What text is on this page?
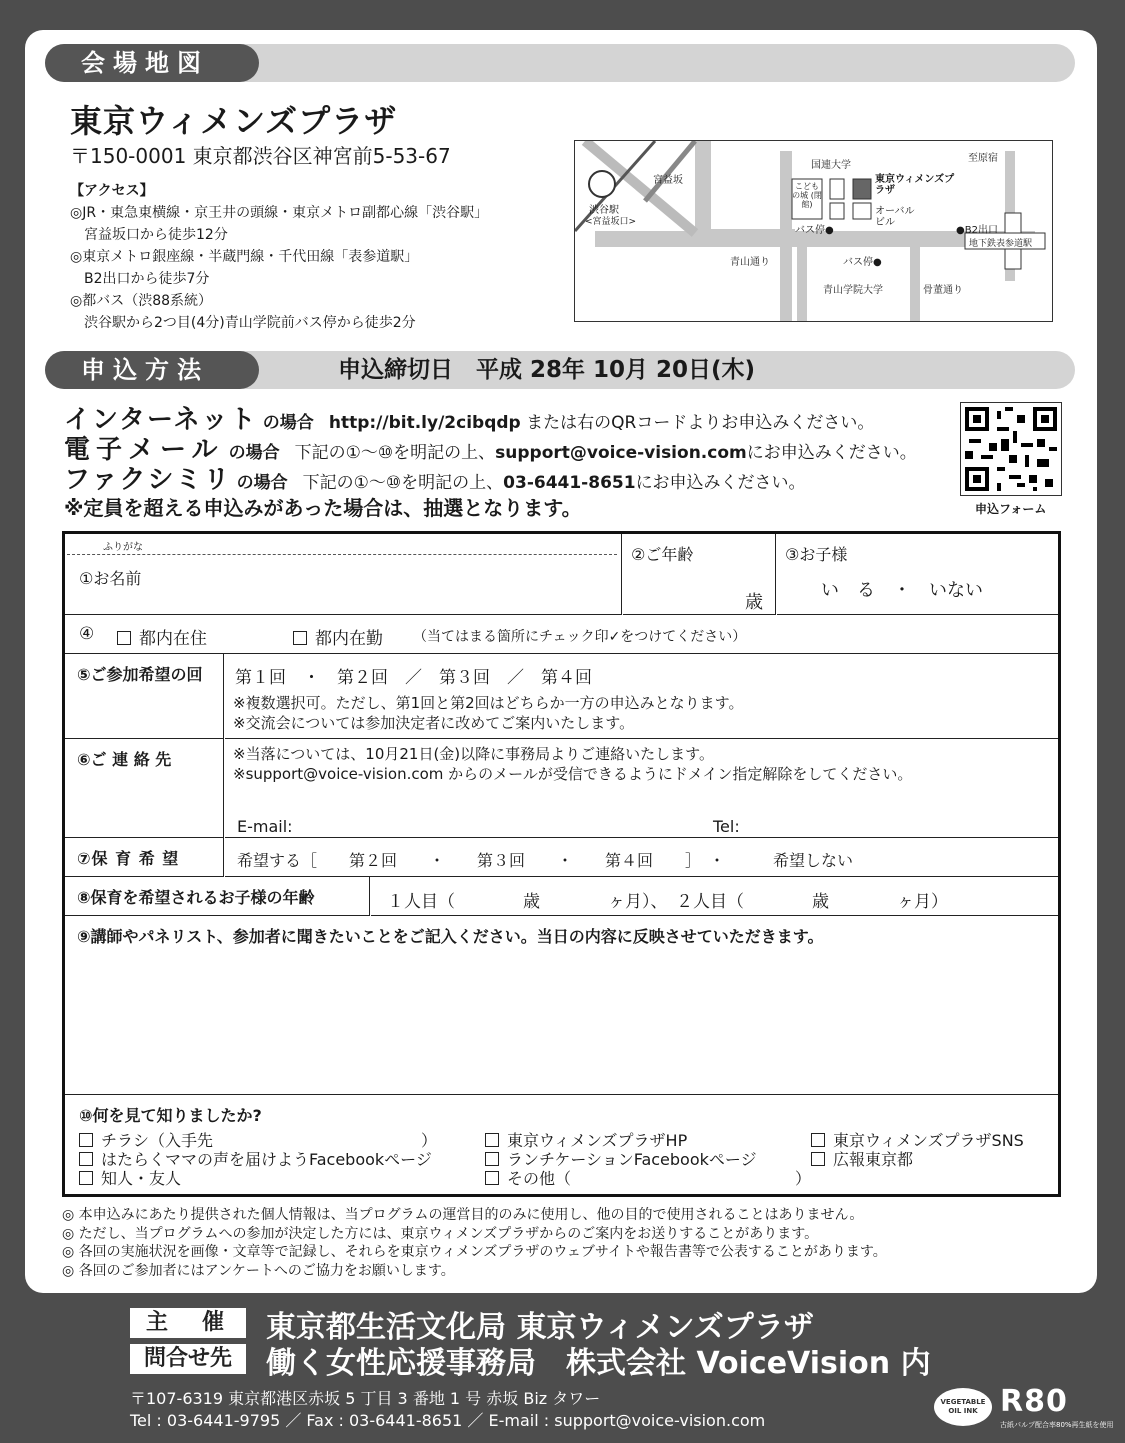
会場地図
東京ウィメンズプラザ
〒150-0001 東京都渋谷区神宮前5-53-67
【アクセス】
◎JR・東急東横線・京王井の頭線・東京メトロ副都心線「渋谷駅」
　宮益坂口から徒歩12分
◎東京メトロ銀座線・半蔵門線・千代田線「表参道駅」
　B2出口から徒歩7分
◎都バス（渋88系統）
　渋谷駅から2つ目(4分)青山学院前バス停から徒歩2分
渋谷駅
<宮益坂口>
宮益坂
国連大学
東京ウィメンズプラザ
こども の城 (閉館)
オーバル ビル
バス停●
バス停●
青山通り
青山学院大学	骨董通り
至原宿
●B2出口
地下鉄表参道駅
申込方法	申込締切日　平成 28年 10月 20日(木)
インターネット の場合 http://bit.ly/2cibqdp または右のQRコードよりお申込みください。
電子メール の場合 下記の①～⑩を明記の上、support@voice-vision.comにお申込みください。
ファクシミリ の場合 下記の①～⑩を明記の上、03-6441-8651にお申込みください。
※定員を超える申込みがあった場合は、抽選となります。	申込フォーム
ふりがな
①お名前
②ご年齢
歳
③お子様
い　る　・　いない
④	都内在住	都内在勤 （当てはまる箇所にチェック印✓をつけてください）
⑤ご参加希望の回	第１回　・　第２回　／　第３回　／　第４回
※複数選択可。ただし、第1回と第2回はどちらか一方の申込みとなります。
※交流会については参加決定者に改めてご案内いたします。
⑥ご 連 絡 先	※当落については、10月21日(金)以降に事務局よりご連絡いたします。
※support@voice-vision.com からのメールが受信できるようにドメイン指定解除をしてください。
E-mail:	Tel:
⑦保 育 希 望	希望する［　　第２回　　・　　第３回　　・　　第４回　　］　・　　　希望しない
⑧保育を希望されるお子様の年齢	１人目（　　　　歳　　　　ヶ月）、　２人目（　　　　歳　　　　ヶ月）
⑨講師やパネリスト、参加者に聞きたいことをご記入ください。当日の内容に反映させていただきます。
⑩何を見て知りましたか?
チラシ（入手先　　　　　　　　　　　　　）
はたらくママの声を届けようFacebookページ
知人・友人
東京ウィメンズプラザHP
ランチケーションFacebookページ
その他（　　　　　　　　　　　　　　）
東京ウィメンズプラザSNS
広報東京都
◎ 本申込みにあたり提供された個人情報は、当プログラムの運営目的のみに使用し、他の目的で使用されることはありません。
◎ ただし、当プログラムへの参加が決定した方には、東京ウィメンズプラザからのご案内をお送りすることがあります。
◎ 各回の実施状況を画像・文章等で記録し、それらを東京ウィメンズプラザのウェブサイトや報告書等で公表することがあります。
◎ 各回のご参加者にはアンケートへのご協力をお願いします。
主　催	東京都生活文化局 東京ウィメンズプラザ
問合せ先	働く女性応援事務局　株式会社 VoiceVision 内
〒107-6319 東京都港区赤坂 5 丁目 3 番地 1 号 赤坂 Biz タワー
Tel : 03-6441-9795 ／ Fax : 03-6441-8651 ／ E-mail : support@voice-vision.com
VEGETABLE OIL INK R80
古紙パルプ配合率80%再生紙を使用
